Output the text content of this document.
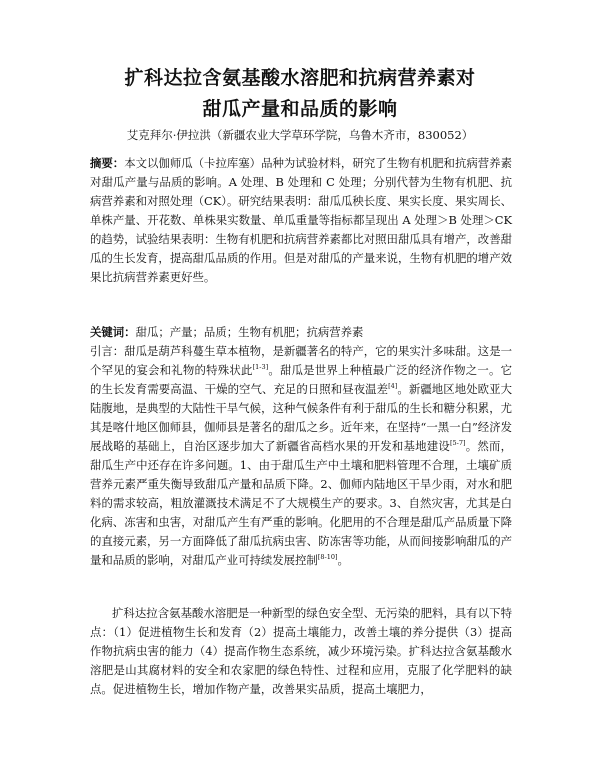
扩科达拉含氨基酸水溶肥和抗病营养素对
甜瓜产量和品质的影响
艾克拜尔·伊拉洪（新疆农业大学草环学院，乌鲁木齐市，830052）
摘要：本文以伽师瓜（卡拉库塞）品种为试验材料，研究了生物有机肥和抗病营养素对甜瓜产量与品质的影响。A 处理、B 处理和 C 处理；分别代替为生物有机肥、抗病营养素和对照处理（CK）。研究结果表明：甜瓜瓜秧长度、果实长度、果实周长、单株产量、开花数、单株果实数量、单瓜重量等指标都呈现出 A 处理＞B 处理＞CK 的趋势，试验结果表明：生物有机肥和抗病营养素都比对照田甜瓜具有增产，改善甜瓜的生长发育，提高甜瓜品质的作用。但是对甜瓜的产量来说，生物有机肥的增产效果比抗病营养素更好些。
关键词：甜瓜；产量；品质；生物有机肥；抗病营养素
引言：甜瓜是葫芦科蔓生草本植物，是新疆著名的特产，它的果实汁多味甜。这是一个罕见的宴会和礼物的特殊状此[1-3]。甜瓜是世界上种植最广泛的经济作物之一。它的生长发育需要高温、干燥的空气、充足的日照和昼夜温差[4]。新疆地区地处欧亚大陆腹地，是典型的大陆性干旱气候，这种气候条件有利于甜瓜的生长和糖分积累，尤其是喀什地区伽师县，伽师县是著名的甜瓜之乡。近年来，在坚持“一黑一白”经济发展战略的基础上，自治区逐步加大了新疆省高档水果的开发和基地建设[5-7]。然而，甜瓜生产中还存在许多问题。1、由于甜瓜生产中土壤和肥料管理不合理，土壤矿质营养元素严重失衡导致甜瓜产量和品质下降。2、伽师内陆地区干旱少雨，对水和肥料的需求较高，粗放灌溉技术满足不了大规模生产的要求。3、自然灾害，尤其是白化病、冻害和虫害，对甜瓜产生有严重的影响。化肥用的不合理是甜瓜产品质量下降的直接元素，另一方面降低了甜瓜抗病虫害、防冻害等功能，从而间接影响甜瓜的产量和品质的影响，对甜瓜产业可持续发展控制[8-10]。
扩科达拉含氨基酸水溶肥是一种新型的绿色安全型、无污染的肥料，具有以下特点：（1）促进植物生长和发育（2）提高土壤能力，改善土壤的养分提供（3）提高作物抗病虫害的能力（4）提高作物生态系统，减少环境污染。扩科达拉含氨基酸水溶肥是山其腐材料的安全和农家肥的绿色特性、过程和应用，克服了化学肥料的缺点。促进植物生长，增加作物产量，改善果实品质，提高土壤肥力，
